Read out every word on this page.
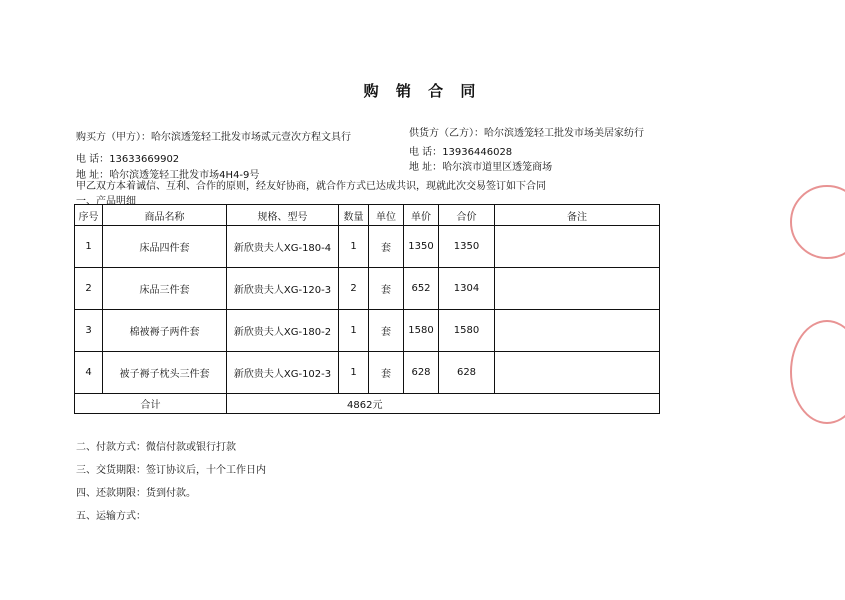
购 销 合 同
购买方（甲方）：哈尔滨透笼轻工批发市场贰元壹次方程文具行	供货方（乙方）：哈尔滨透笼轻工批发市场美居家纺行
电 话：13633669902
电 话：13936446028
地 址：哈尔滨透笼轻工批发市场4H4-9号
地 址：哈尔滨市道里区透笼商场
甲乙双方本着诚信、互利、合作的原则，经友好协商，就合作方式已达成共识，现就此次交易签订如下合同
一、产品明细
序号	商品名称	规格、型号	数量	单位	单价	合价	备注
1	床品四件套	新欣贵夫人XG-180-4	1	套	1350	1350	
2	床品三件套	新欣贵夫人XG-120-3	2	套	652	1304	
3	棉被褥子两件套	新欣贵夫人XG-180-2	1	套	1580	1580	
4	被子褥子枕头三件套	新欣贵夫人XG-102-3	1	套	628	628	
合计		4862元					
二、付款方式：微信付款或银行打款
三、交货期限：签订协议后，十个工作日内
四、还款期限：货到付款。
五、运输方式：
